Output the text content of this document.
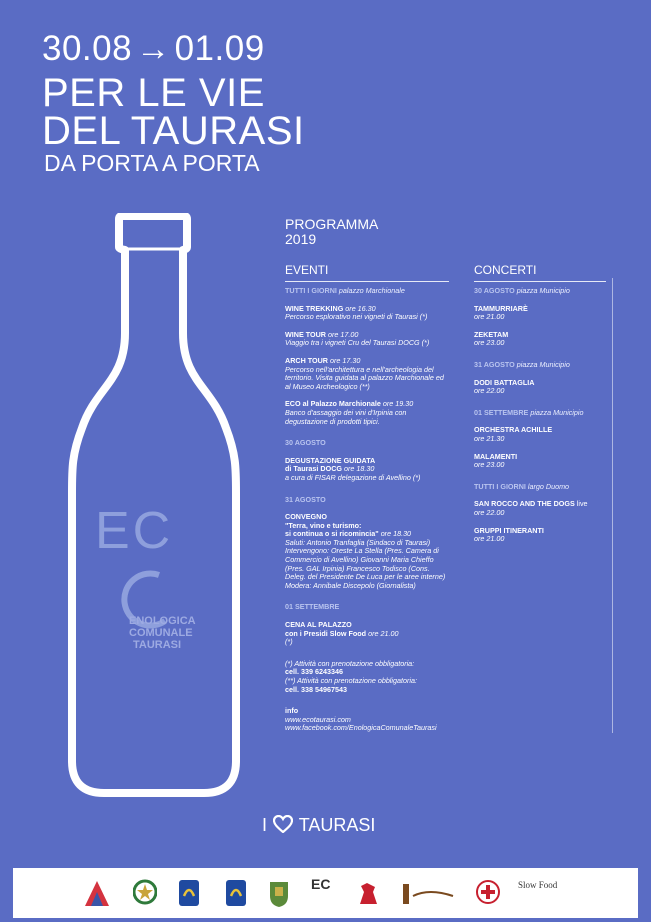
30.08 → 01.09
PER LE VIE
DEL TAURASI
DA PORTA A PORTA
EC
ENOLOGICA
COMUNALE
TAURASI
PROGRAMMA
2019
EVENTI
TUTTI I GIORNI palazzo Marchionale
WINE TREKKING ore 16.30
Percorso esplorativo nei vigneti di Taurasi (*)
WINE TOUR ore 17.00
Viaggio tra i vigneti Cru del Taurasi DOCG (*)
ARCH TOUR ore 17.30
Percorso nell'architettura e nell'archeologia del territorio. Visita guidata al palazzo Marchionale ed al Museo Archeologico (**)
ECO al Palazzo Marchionale ore 19.30
Banco d'assaggio dei vini d'Irpinia con degustazione di prodotti tipici.
30 AGOSTO
DEGUSTAZIONE GUIDATA
di Taurasi DOCG ore 18.30
a cura di FISAR delegazione di Avellino (*)
31 AGOSTO
CONVEGNO
"Terra, vino e turismo:
si continua o si ricomincia" ore 18.30
Saluti: Antonio Tranfaglia (Sindaco di Taurasi) Intervengono: Oreste La Stella (Pres. Camera di Commercio di Avellino) Giovanni Maria Chieffo (Pres. GAL Irpinia) Francesco Todisco (Cons. Deleg. del Presidente De Luca per le aree interne) Modera: Annibale Discepolo (Giornalista)
01 SETTEMBRE
CENA AL PALAZZO
con i Presidi Slow Food ore 21.00
(*)
(*) Attività con prenotazione obbligatoria:
cell. 339 6243346
(**) Attività con prenotazione obbligatoria:
cell. 338 54967543
info
www.ecotaurasi.com
www.facebook.com/EnologicaComunaleTaurasi
CONCERTI
30 AGOSTO piazza Municipio
TAMMURRIARÈ
ore 21.00
ZEKETAM
ore 23.00
31 AGOSTO piazza Municipio
DODI BATTAGLIA
ore 22.00
01 SETTEMBRE piazza Municipio
ORCHESTRA ACHILLE
ore 21.30
MALAMENTI
ore 23.00
TUTTI I GIORNI largo Duomo
SAN ROCCO AND THE DOGS live
ore 22.00
GRUPPI ITINERANTI
ore 21.00
I TAURASI
EC	Slow Food
